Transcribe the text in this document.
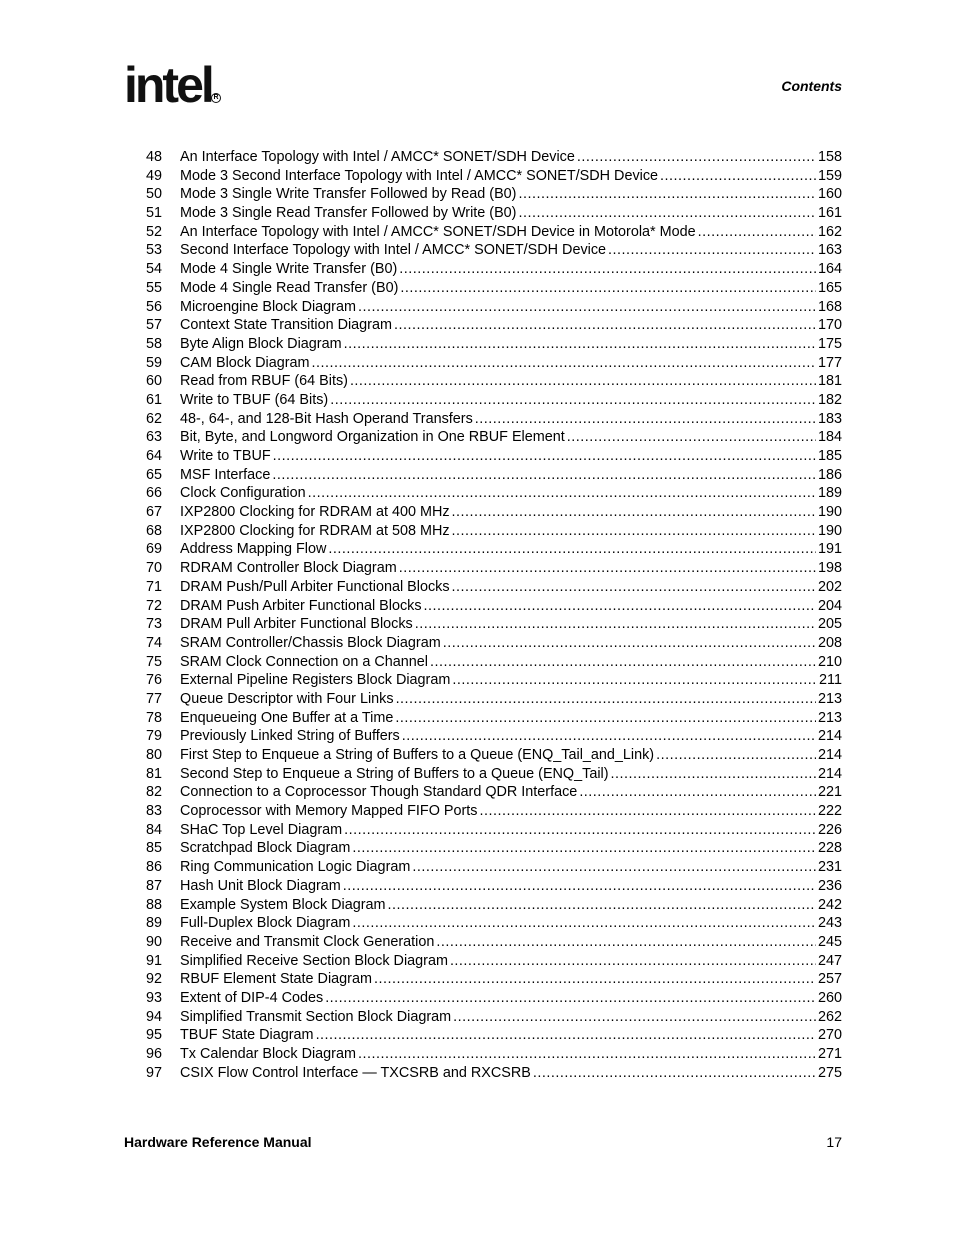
intel R
Contents
48	An Interface Topology with Intel / AMCC* SONET/SDH Device .....	158
49	Mode 3 Second Interface Topology with Intel / AMCC* SONET/SDH Device .....	159
50	Mode 3 Single Write Transfer Followed by Read (B0) .....	160
51	Mode 3 Single Read Transfer Followed by Write (B0) .....	161
52	An Interface Topology with Intel / AMCC* SONET/SDH Device in Motorola* Mode .....	162
53	Second Interface Topology with Intel / AMCC* SONET/SDH Device .....	163
54	Mode 4 Single Write Transfer (B0) .....	164
55	Mode 4 Single Read Transfer (B0) .....	165
56	Microengine Block Diagram .....	168
57	Context State Transition Diagram .....	170
58	Byte Align Block Diagram .....	175
59	CAM Block Diagram .....	177
60	Read from RBUF (64 Bits) .....	181
61	Write to TBUF (64 Bits) .....	182
62	48-, 64-, and 128-Bit Hash Operand Transfers .....	183
63	Bit, Byte, and Longword Organization in One RBUF Element .....	184
64	Write to TBUF .....	185
65	MSF Interface .....	186
66	Clock Configuration .....	189
67	IXP2800 Clocking for RDRAM at 400 MHz .....	190
68	IXP2800 Clocking for RDRAM at 508 MHz .....	190
69	Address Mapping Flow .....	191
70	RDRAM Controller Block Diagram .....	198
71	DRAM Push/Pull Arbiter Functional Blocks .....	202
72	DRAM Push Arbiter Functional Blocks .....	204
73	DRAM Pull Arbiter Functional Blocks .....	205
74	SRAM Controller/Chassis Block Diagram .....	208
75	SRAM Clock Connection on a Channel .....	210
76	External Pipeline Registers Block Diagram .....	211
77	Queue Descriptor with Four Links .....	213
78	Enqueueing One Buffer at a Time .....	213
79	Previously Linked String of Buffers .....	214
80	First Step to Enqueue a String of Buffers to a Queue (ENQ_Tail_and_Link) .....	214
81	Second Step to Enqueue a String of Buffers to a Queue (ENQ_Tail) .....	214
82	Connection to a Coprocessor Though Standard QDR Interface .....	221
83	Coprocessor with Memory Mapped FIFO Ports .....	222
84	SHaC Top Level Diagram .....	226
85	Scratchpad Block Diagram .....	228
86	Ring Communication Logic Diagram .....	231
87	Hash Unit Block Diagram .....	236
88	Example System Block Diagram .....	242
89	Full-Duplex Block Diagram .....	243
90	Receive and Transmit Clock Generation .....	245
91	Simplified Receive Section Block Diagram .....	247
92	RBUF Element State Diagram .....	257
93	Extent of DIP-4 Codes .....	260
94	Simplified Transmit Section Block Diagram .....	262
95	TBUF State Diagram .....	270
96	Tx Calendar Block Diagram .....	271
97	CSIX Flow Control Interface — TXCSRB and RXCSRB .....	275
Hardware Reference Manual	17
